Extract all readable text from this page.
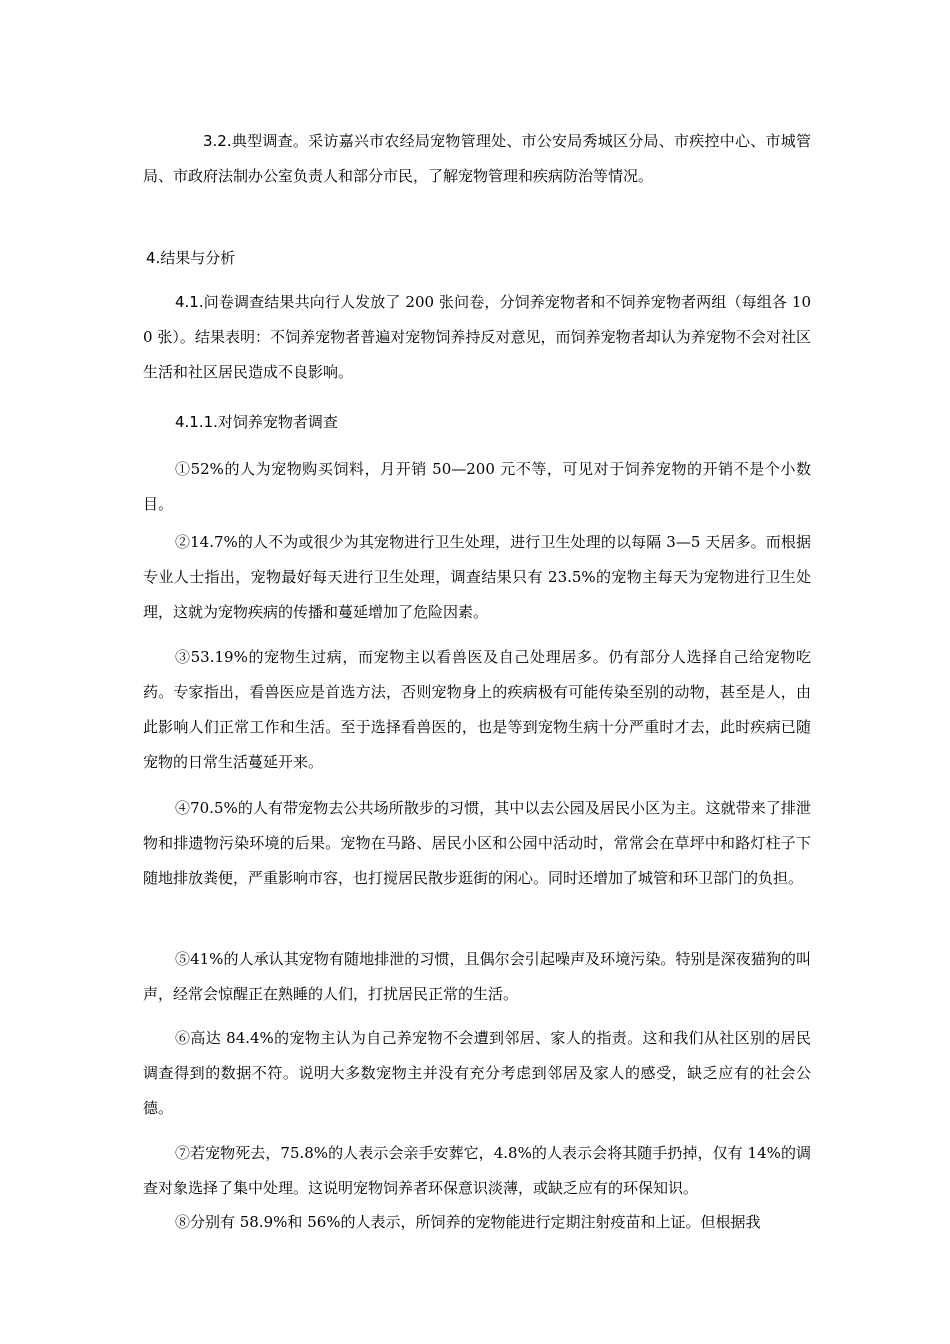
3.2.典型调查。采访嘉兴市农经局宠物管理处、市公安局秀城区分局、市疾控中心、市城管局、市政府法制办公室负责人和部分市民，了解宠物管理和疾病防治等情况。
4.结果与分析
4.1.问卷调查结果共向行人发放了 200 张问卷，分饲养宠物者和不饲养宠物者两组（每组各 100 张）。结果表明：不饲养宠物者普遍对宠物饲养持反对意见，而饲养宠物者却认为养宠物不会对社区生活和社区居民造成不良影响。
4.1.1.对饲养宠物者调查
①52%的人为宠物购买饲料，月开销 50—200 元不等，可见对于饲养宠物的开销不是个小数目。
②14.7%的人不为或很少为其宠物进行卫生处理，进行卫生处理的以每隔 3—5 天居多。而根据专业人士指出，宠物最好每天进行卫生处理，调查结果只有 23.5%的宠物主每天为宠物进行卫生处理，这就为宠物疾病的传播和蔓延增加了危险因素。
③53.19%的宠物生过病，而宠物主以看兽医及自己处理居多。仍有部分人选择自己给宠物吃药。专家指出，看兽医应是首选方法，否则宠物身上的疾病极有可能传染至别的动物，甚至是人，由此影响人们正常工作和生活。至于选择看兽医的，也是等到宠物生病十分严重时才去，此时疾病已随宠物的日常生活蔓延开来。
④70.5%的人有带宠物去公共场所散步的习惯，其中以去公园及居民小区为主。这就带来了排泄物和排遗物污染环境的后果。宠物在马路、居民小区和公园中活动时，常常会在草坪中和路灯柱子下随地排放粪便，严重影响市容，也打搅居民散步逛街的闲心。同时还增加了城管和环卫部门的负担。
⑤41%的人承认其宠物有随地排泄的习惯，且偶尔会引起噪声及环境污染。特别是深夜猫狗的叫声，经常会惊醒正在熟睡的人们，打扰居民正常的生活。
⑥高达 84.4%的宠物主认为自己养宠物不会遭到邻居、家人的指责。这和我们从社区别的居民调查得到的数据不符。说明大多数宠物主并没有充分考虑到邻居及家人的感受，缺乏应有的社会公德。
⑦若宠物死去，75.8%的人表示会亲手安葬它，4.8%的人表示会将其随手扔掉，仅有 14%的调查对象选择了集中处理。这说明宠物饲养者环保意识淡薄，或缺乏应有的环保知识。
⑧分别有 58.9%和 56%的人表示，所饲养的宠物能进行定期注射疫苗和上证。但根据我
